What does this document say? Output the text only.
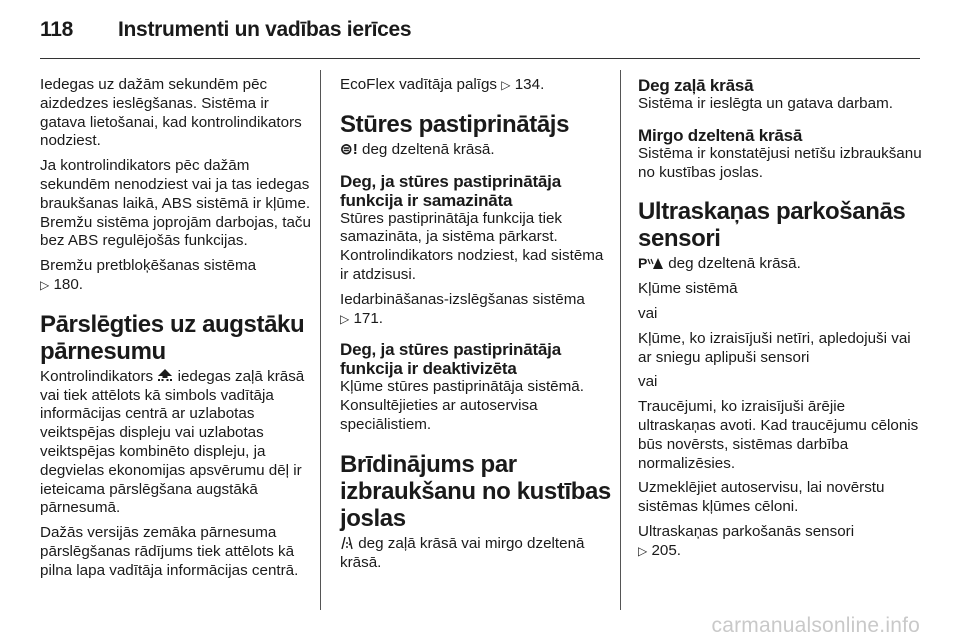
118 Instrumenti un vadības ierīces

Iedegas uz dažām sekundēm pēc aizdedzes ieslēgšanas. Sistēma ir gatava lietošanai, kad kontrolindikators nodziest.

Ja kontrolindikators pēc dažām sekundēm nenodziest vai ja tas iedegas braukšanas laikā, ABS sistēmā ir kļūme. Bremžu sistēma joprojām darbojas, taču bez ABS regulējošās funkcijas.

Bremžu pretbloķēšanas sistēma
▷ 180.

Pārslēgties uz augstāku pārnesumu

Kontrolindikators iedegas zaļā krāsā vai tiek attēlots kā simbols vadītāja informācijas centrā ar uzlabotas veiktspējas displeju vai uzlabotas veiktspējas kombinēto displeju, ja degvielas ekonomijas apsvērumu dēļ ir ieteicama pārslēgšana augstākā pārnesumā.

Dažās versijās zemāka pārnesuma pārslēgšanas rādījums tiek attēlots kā pilna lapa vadītāja informācijas centrā.

EcoFlex vadītāja palīgs ▷ 134.

Stūres pastiprinātājs

⊜! deg dzeltenā krāsā.

Deg, ja stūres pastiprinātāja funkcija ir samazināta

Stūres pastiprinātāja funkcija tiek samazināta, ja sistēma pārkarst. Kontrolindikators nodziest, kad sistēma ir atdzisusi.

Iedarbināšanas-izslēgšanas sistēma
▷ 171.

Deg, ja stūres pastiprinātāja funkcija ir deaktivizēta

Kļūme stūres pastiprinātāja sistēmā. Konsultējieties ar autoservisa speciālistiem.

Brīdinājums par izbraukšanu no kustības joslas

deg zaļā krāsā vai mirgo dzeltenā krāsā.

Deg zaļā krāsā

Sistēma ir ieslēgta un gatava darbam.

Mirgo dzeltenā krāsā

Sistēma ir konstatējusi netīšu izbraukšanu no kustības joslas.

Ultraskaņas parkošanās sensori

P deg dzeltenā krāsā.

Kļūme sistēmā

vai

Kļūme, ko izraisījuši netīri, apledojuši vai ar sniegu aplipuši sensori

vai

Traucējumi, ko izraisījuši ārējie ultraskaņas avoti. Kad traucējumu cēlonis būs novērsts, sistēmas darbība normalizēsies.

Uzmeklējiet autoservisu, lai novērstu sistēmas kļūmes cēloni.

Ultraskaņas parkošanās sensori
▷ 205.

carmanualsonline.info
